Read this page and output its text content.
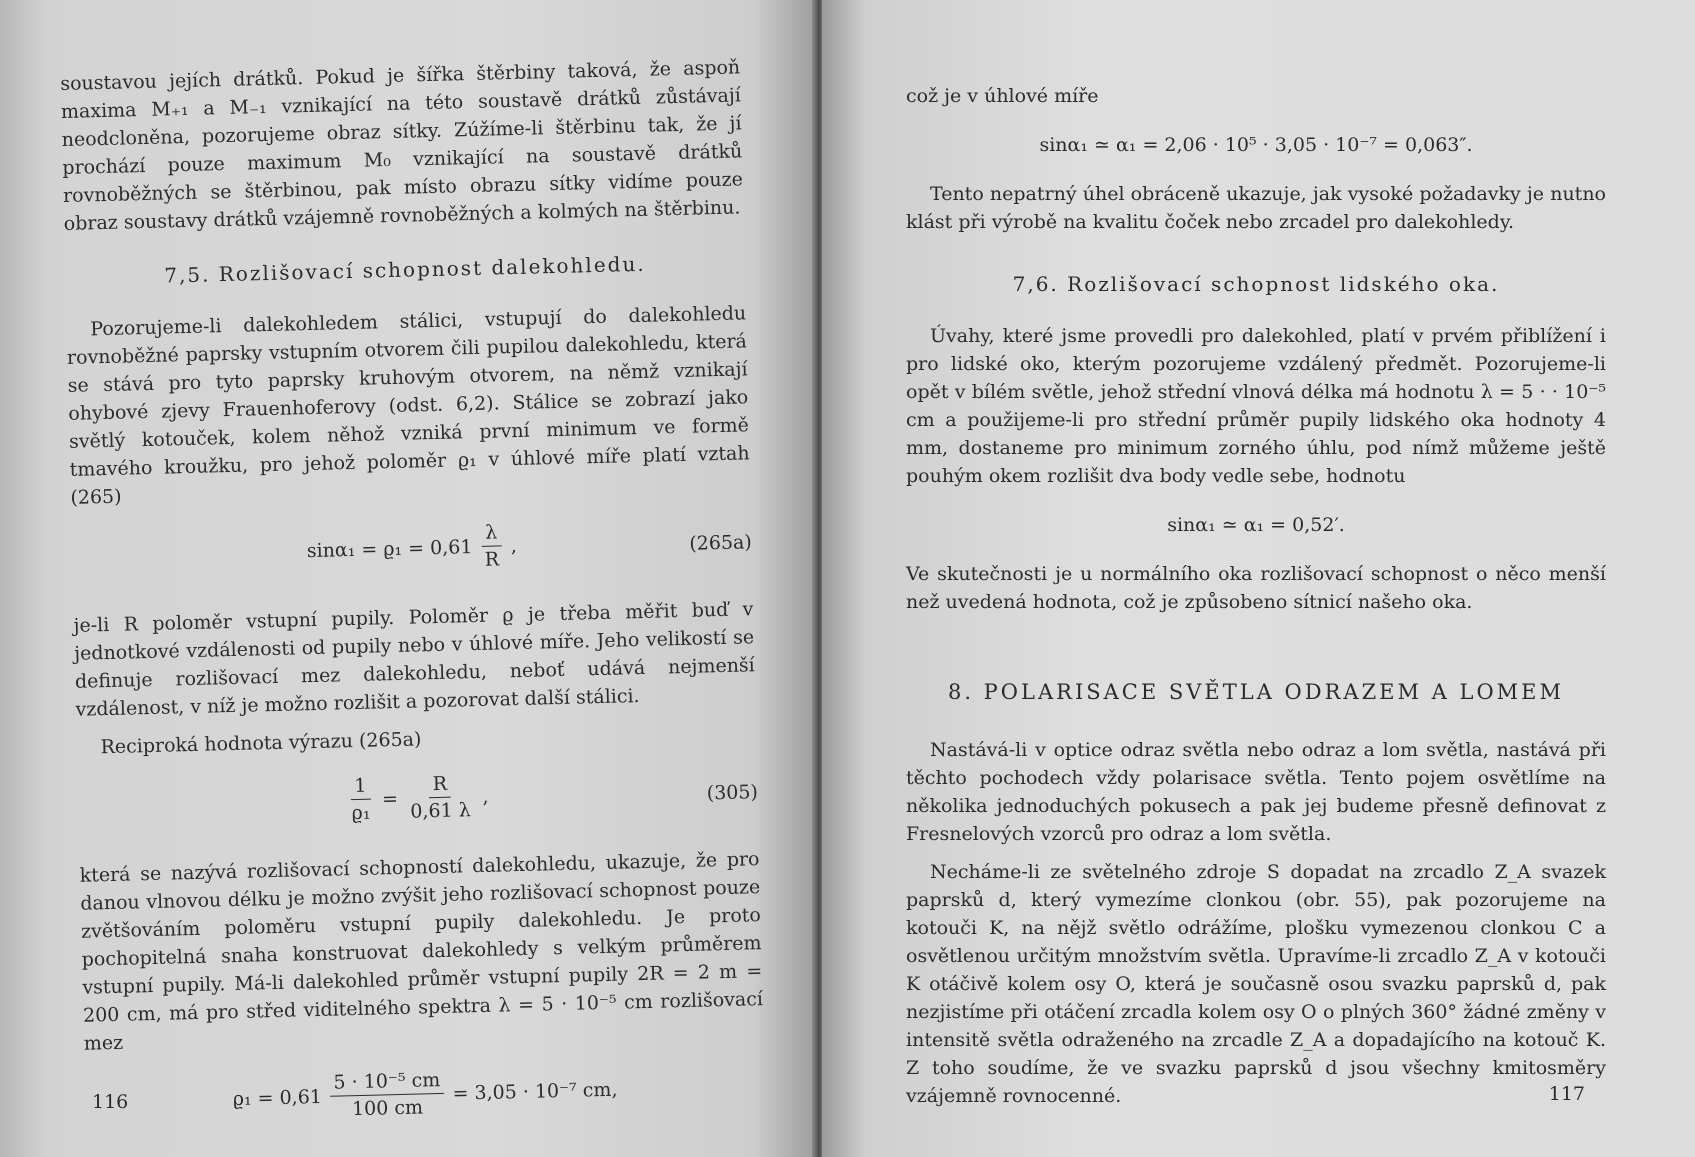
soustavou jejích drátků. Pokud je šířka štěrbiny taková, že aspoň maxima M₊₁ a M₋₁ vznikající na této soustavě drátků zůstávají neodcloněna, pozorujeme obraz sítky. Zúžíme-li štěrbinu tak, že jí prochází pouze maximum M₀ vznikající na soustavě drátků rovnoběžných se štěrbinou, pak místo obrazu sítky vidíme pouze obraz soustavy drátků vzájemně rovnoběžných a kolmých na štěrbinu.

7,5. Rozlišovací schopnost dalekohledu.

Pozorujeme-li dalekohledem stálici, vstupují do dalekohledu rovnoběžné paprsky vstupním otvorem čili pupilou dalekohledu, která se stává pro tyto paprsky kruhovým otvorem, na němž vznikají ohybové zjevy Frauenhoferovy (odst. 6,2). Stálice se zobrazí jako světlý kotouček, kolem něhož vzniká první minimum ve formě tmavého kroužku, pro jehož poloměr ϱ₁ v úhlové míře platí vztah (265)

$\sin\alpha_1 = ϱ_1 = 0,61 \frac{\lambda}{R}$ ,	(265a)

je-li R poloměr vstupní pupily. Poloměr ϱ je třeba měřit buď v jednotkové vzdálenosti od pupily nebo v úhlové míře. Jeho velikostí se definuje rozlišovací mez dalekohledu, neboť udává nejmenší vzdálenost, v níž je možno rozlišit a pozorovat další stálici.

Reciproká hodnota výrazu (265a)

$\frac{1}{\text{ϱ₁}} = \frac{R}{0,61 \lambda}$ ,	(305)

která se nazývá rozlišovací schopností dalekohledu, ukazuje, že pro danou vlnovou délku je možno zvýšit jeho rozlišovací schopnost pouze zvětšováním poloměru vstupní pupily dalekohledu. Je proto pochopitelná snaha konstruovat dalekohledy s velkým průměrem vstupní pupily. Má-li dalekohled průměr vstupní pupily 2R = 2 m = 200 cm, má pro střed viditelného spektra λ = 5 · 10⁻⁵ cm rozlišovací mez

$ϱ_1 = 0,61 \frac{\text{5 · 10⁻⁵ cm}}{100 cm} = 3,05 \cdot 10^{-7}$ cm,
116

což je v úhlové míře

sinα₁ ≃ α₁ = 2,06 · 10⁵ · 3,05 · 10⁻⁷ = 0,063″.

Tento nepatrný úhel obráceně ukazuje, jak vysoké požadavky je nutno klást při výrobě na kvalitu čoček nebo zrcadel pro dalekohledy.

7,6. Rozlišovací schopnost lidského oka.

Úvahy, které jsme provedli pro dalekohled, platí v prvém přiblížení i pro lidské oko, kterým pozorujeme vzdálený předmět. Pozorujeme-li opět v bílém světle, jehož střední vlnová délka má hodnotu λ = 5 · · 10⁻⁵ cm a použijeme-li pro střední průměr pupily lidského oka hodnoty 4 mm, dostaneme pro minimum zorného úhlu, pod nímž můžeme ještě pouhým okem rozlišit dva body vedle sebe, hodnotu

sinα₁ ≃ α₁ = 0,52′.

Ve skutečnosti je u normálního oka rozlišovací schopnost o něco menší než uvedená hodnota, což je způsobeno sítnicí našeho oka.

8. POLARISACE SVĚTLA ODRAZEM A LOMEM

Nastává-li v optice odraz světla nebo odraz a lom světla, nastává při těchto pochodech vždy polarisace světla. Tento pojem osvětlíme na několika jednoduchých pokusech a pak jej budeme přesně definovat z Fresnelových vzorců pro odraz a lom světla.

Necháme-li ze světelného zdroje S dopadat na zrcadlo Z_A svazek paprsků d, který vymezíme clonkou (obr. 55), pak pozorujeme na kotouči K, na nějž světlo odrážíme, plošku vymezenou clonkou C a osvětlenou určitým množstvím světla. Upravíme-li zrcadlo Z_A v kotouči K otáčivě kolem osy O, která je současně osou svazku paprsků d, pak nezjistíme při otáčení zrcadla kolem osy O o plných 360° žádné změny v intensitě světla odraženého na zrcadle Z_A a dopadajícího na kotouč K. Z toho soudíme, že ve svazku paprsků d jsou všechny kmitosměry vzájemně rovnocenné.	117
